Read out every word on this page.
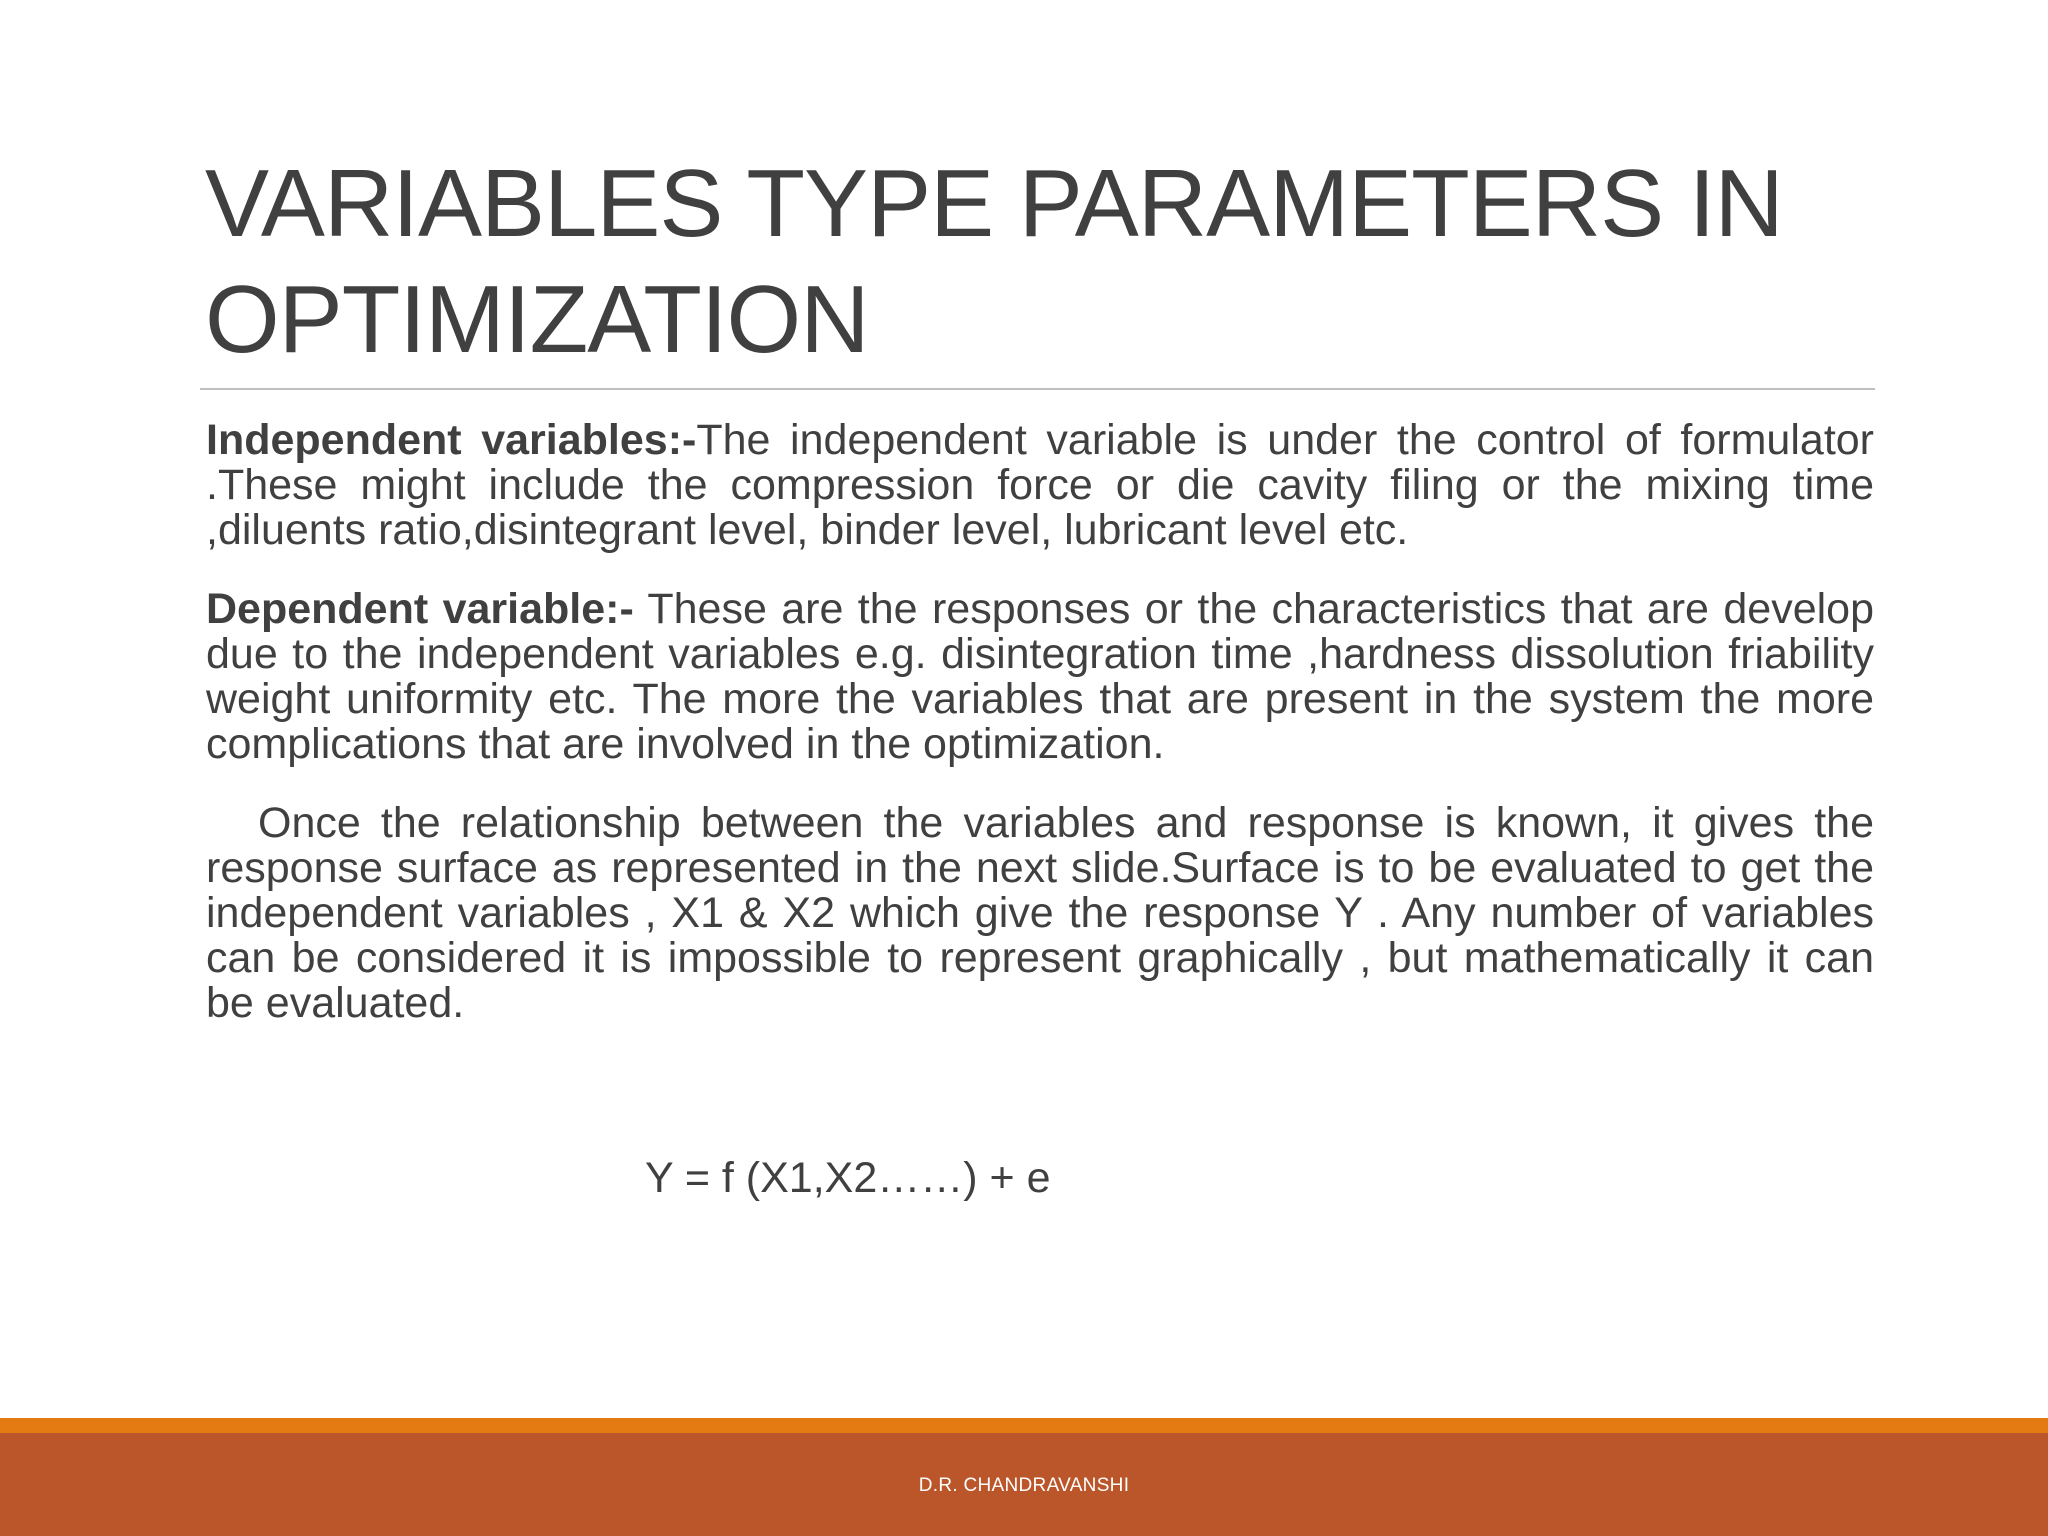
VARIABLES TYPE PARAMETERS IN OPTIMIZATION

Independent variables:-The independent variable is under the control of formulator .These might include the compression force or die cavity filing or the mixing time ,diluents ratio,disintegrant level, binder level, lubricant level etc.

Dependent variable:- These are the responses or the characteristics that are develop due to the independent variables e.g. disintegration time ,hardness dissolution friability weight uniformity etc. The more the variables that are present in the system the more complications that are involved in the optimization.

Once the relationship between the variables and response is known, it gives the response surface as represented in the next slide.Surface is to be evaluated to get the independent variables , X1 & X2 which give the response Y . Any number of variables can be considered it is impossible to represent graphically , but mathematically it can be evaluated.

Y = f (X1,X2……) + e
D.R. CHANDRAVANSHI
